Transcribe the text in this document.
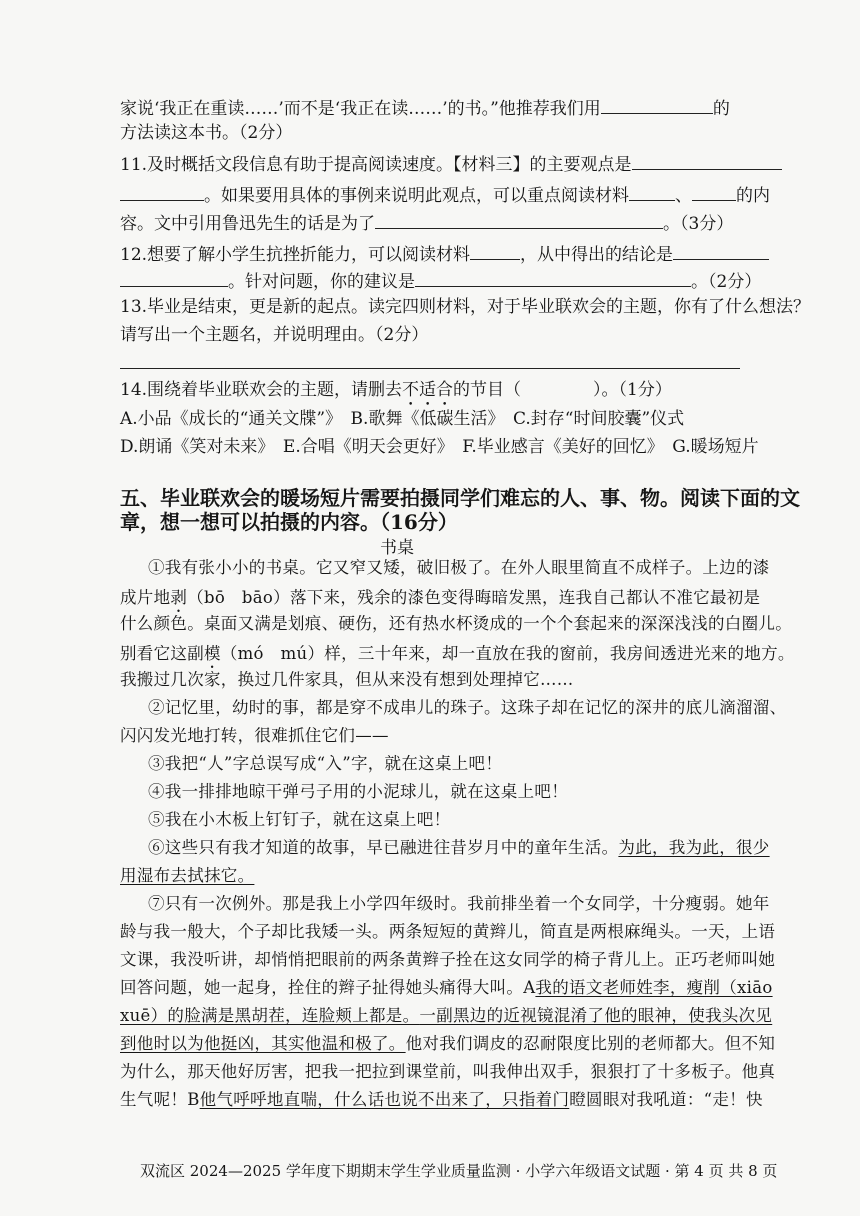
家说‘我正在重读……’而不是‘我正在读……’的书。”他推荐我们用	的
方法读这本书。（2分）
11.及时概括文段信息有助于提高阅读速度。【材料三】的主要观点是
。如果要用具体的事例来说明此观点，可以重点阅读材料	、	的内
容。文中引用鲁迅先生的话是为了	。（3分）
12.想要了解小学生抗挫折能力，可以阅读材料	，从中得出的结论是
。针对问题，你的建议是	。（2分）
13.毕业是结束，更是新的起点。读完四则材料，对于毕业联欢会的主题，你有了什么想法？
请写出一个主题名，并说明理由。（2分）
14.围绕着毕业联欢会的主题，请删去不适合的节目（	）。（1分）
A.小品《成长的“通关文牒”》　B.歌舞《低碳生活》　C.封存“时间胶囊”仪式
D.朗诵《笑对未来》　E.合唱《明天会更好》　F.毕业感言《美好的回忆》　G.暖场短片
五、毕业联欢会的暖场短片需要拍摄同学们难忘的人、事、物。阅读下面的文
章，想一想可以拍摄的内容。（16分）
书桌
①我有张小小的书桌。它又窄又矮，破旧极了。在外人眼里简直不成样子。上边的漆
成片地剥（bō　bāo）落下来，残余的漆色变得晦暗发黑，连我自己都认不准它最初是
什么颜色。桌面又满是划痕、硬伤，还有热水杯烫成的一个个套起来的深深浅浅的白圈儿。
别看它这副模（mó　mú）样，三十年来，却一直放在我的窗前，我房间透进光来的地方。
我搬过几次家，换过几件家具，但从来没有想到处理掉它……
②记忆里，幼时的事，都是穿不成串儿的珠子。这珠子却在记忆的深井的底儿滴溜溜、
闪闪发光地打转，很难抓住它们——
③我把“人”字总误写成“入”字，就在这桌上吧！
④我一排排地晾干弹弓子用的小泥球儿，就在这桌上吧！
⑤我在小木板上钉钉子，就在这桌上吧！
⑥这些只有我才知道的故事，早已融进往昔岁月中的童年生活。为此，我为此，很少
用湿布去拭抹它。
⑦只有一次例外。那是我上小学四年级时。我前排坐着一个女同学，十分瘦弱。她年
龄与我一般大，个子却比我矮一头。两条短短的黄辫儿，简直是两根麻绳头。一天，上语
文课，我没听讲，却悄悄把眼前的两条黄辫子拴在这女同学的椅子背儿上。正巧老师叫她
回答问题，她一起身，拴住的辫子扯得她头痛得大叫。A我的语文老师姓李，瘦削（xiāo
xuē）的脸满是黑胡茬，连脸颊上都是。一副黑边的近视镜混淆了他的眼神，使我头次见
到他时以为他挺凶，其实他温和极了。他对我们调皮的忍耐限度比别的老师都大。但不知
为什么，那天他好厉害，把我一把拉到课堂前，叫我伸出双手，狠狠打了十多板子。他真
生气呢！B他气呼呼地直喘，什么话也说不出来了，只指着门瞪圆眼对我吼道：“走！快
双流区 2024—2025 学年度下期期末学生学业质量监测 · 小学六年级语文试题 · 第 4 页 共 8 页
